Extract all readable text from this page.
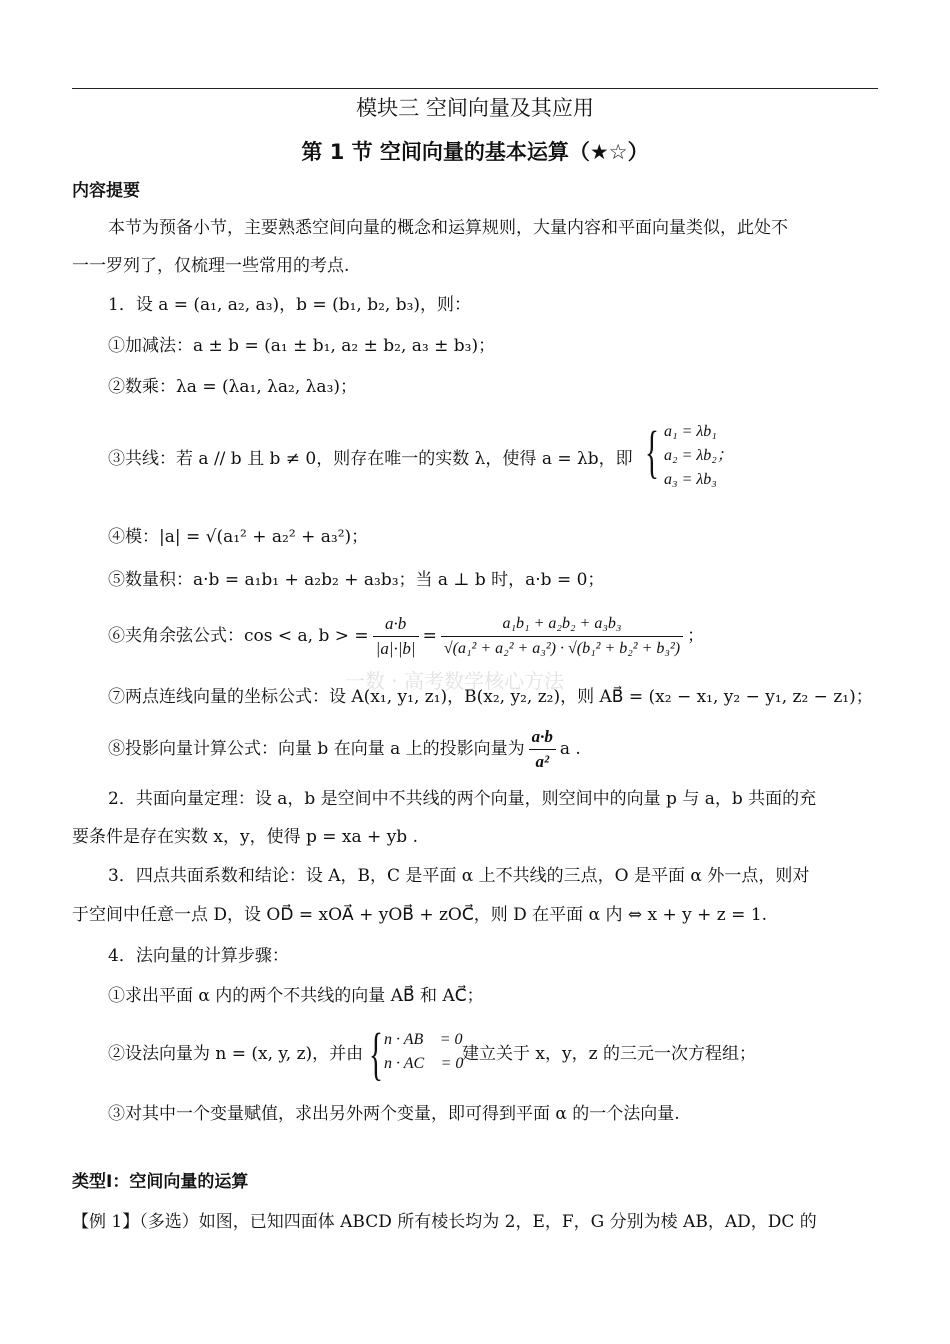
模块三 空间向量及其应用
第 1 节 空间向量的基本运算（★☆）
内容提要
本节为预备小节，主要熟悉空间向量的概念和运算规则，大量内容和平面向量类似，此处不
一一罗列了，仅梳理一些常用的考点.
1．设 a = (a₁, a₂, a₃)，b = (b₁, b₂, b₃)，则：
①加减法：a ± b = (a₁ ± b₁, a₂ ± b₂, a₃ ± b₃)；
②数乘：λa = (λa₁, λa₂, λa₃)；
③共线：若 a // b 且 b ≠ 0，则存在唯一的实数 λ，使得 a = λb，即 { a₁ = λb₁
a₂ = λb₂；
a₃ = λb₃
④模：|a| = √(a₁² + a₂² + a₃²)；
⑤数量积：a·b = a₁b₁ + a₂b₂ + a₃b₃；当 a ⊥ b 时，a·b = 0；
⑥夹角余弦公式：cos < a, b > = $\frac{a\cdot b}{|a|\cdot|b|} = \frac{\text{a₁b₁ + a₂b₂ + a₃b₃}}{\text{√(a₁² + a₂² + a₃²) · √(b₁² + b₂² + b₃²)}}$ ；
一数 · 高考数学核心方法
⑦两点连线向量的坐标公式：设 A(x₁, y₁, z₁)，B(x₂, y₂, z₂)，则 AB⃗ = (x₂ − x₁, y₂ − y₁, z₂ − z₁)；
⑧投影向量计算公式：向量 b 在向量 a 上的投影向量为 $\frac{a\cdot b}{\text{a²}}$ a .
2．共面向量定理：设 a，b 是空间中不共线的两个向量，则空间中的向量 p 与 a，b 共面的充
要条件是存在实数 x，y，使得 p = xa + yb .
3．四点共面系数和结论：设 A，B，C 是平面 α 上不共线的三点，O 是平面 α 外一点，则对
于空间中任意一点 D，设 OD⃗ = xOA⃗ + yOB⃗ + zOC⃗，则 D 在平面 α 内 ⇔ x + y + z = 1.
4．法向量的计算步骤：
①求出平面 α 内的两个不共线的向量 AB⃗ 和 AC⃗；
②设法向量为 n = (x, y, z)，并由 { n · AB⃗ = 0
n · AC⃗ = 0
建立关于 x，y，z 的三元一次方程组；
③对其中一个变量赋值，求出另外两个变量，即可得到平面 α 的一个法向量.
类型Ⅰ：空间向量的运算
【例 1】（多选）如图，已知四面体 ABCD 所有棱长均为 2，E，F，G 分别为棱 AB，AD，DC 的
